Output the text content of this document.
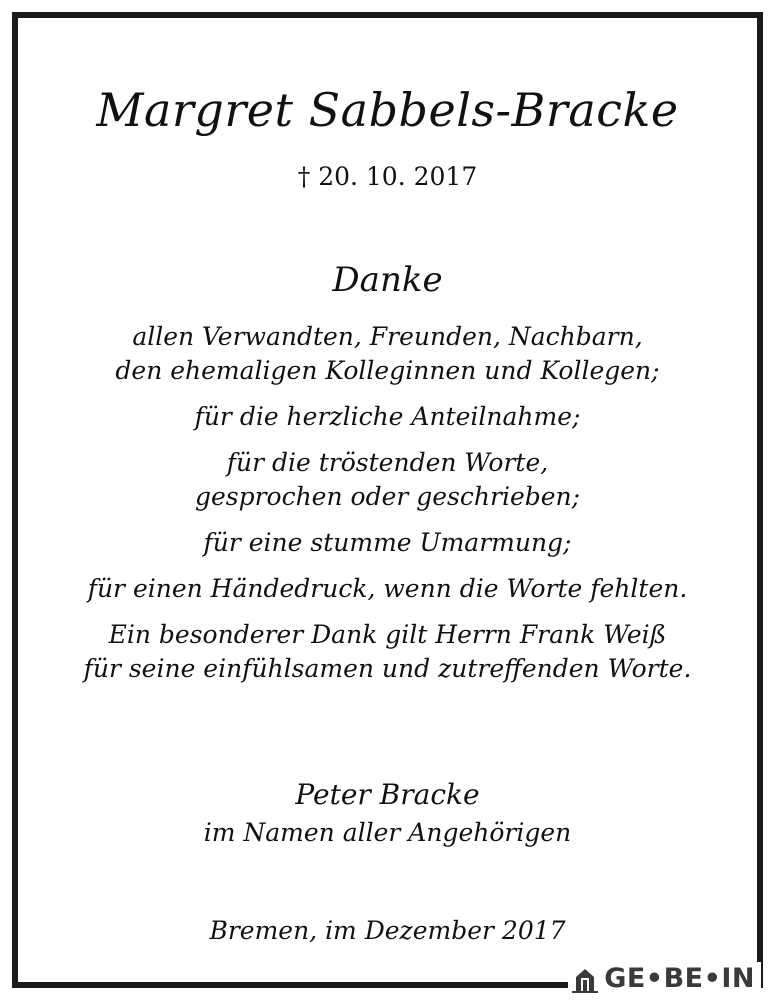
Margret Sabbels-Bracke
† 20. 10. 2017
Danke
allen Verwandten, Freunden, Nachbarn,
den ehemaligen Kolleginnen und Kollegen;
für die herzliche Anteilnahme;
für die tröstenden Worte,
gesprochen oder geschrieben;
für eine stumme Umarmung;
für einen Händedruck, wenn die Worte fehlten.
Ein besonderer Dank gilt Herrn Frank Weiß
für seine einfühlsamen und zutreffenden Worte.
Peter Bracke
im Namen aller Angehörigen
Bremen, im Dezember 2017
GE•BE•IN
